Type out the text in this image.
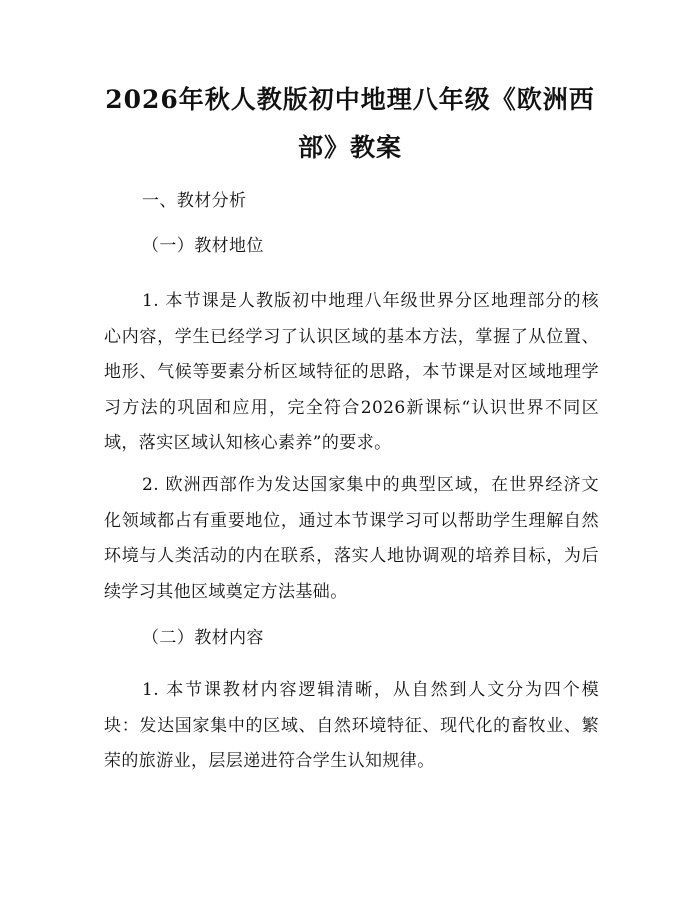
2026年秋人教版初中地理八年级《欧洲西
部》教案

一、教材分析

（一）教材地位

1. 本节课是人教版初中地理八年级世界分区地理部分的核心内容，学生已经学习了认识区域的基本方法，掌握了从位置、地形、气候等要素分析区域特征的思路，本节课是对区域地理学习方法的巩固和应用，完全符合2026新课标“认识世界不同区域，落实区域认知核心素养”的要求。

2. 欧洲西部作为发达国家集中的典型区域，在世界经济文化领域都占有重要地位，通过本节课学习可以帮助学生理解自然环境与人类活动的内在联系，落实人地协调观的培养目标，为后续学习其他区域奠定方法基础。

（二）教材内容

1. 本节课教材内容逻辑清晰，从自然到人文分为四个模块：发达国家集中的区域、自然环境特征、现代化的畜牧业、繁荣的旅游业，层层递进符合学生认知规律。
